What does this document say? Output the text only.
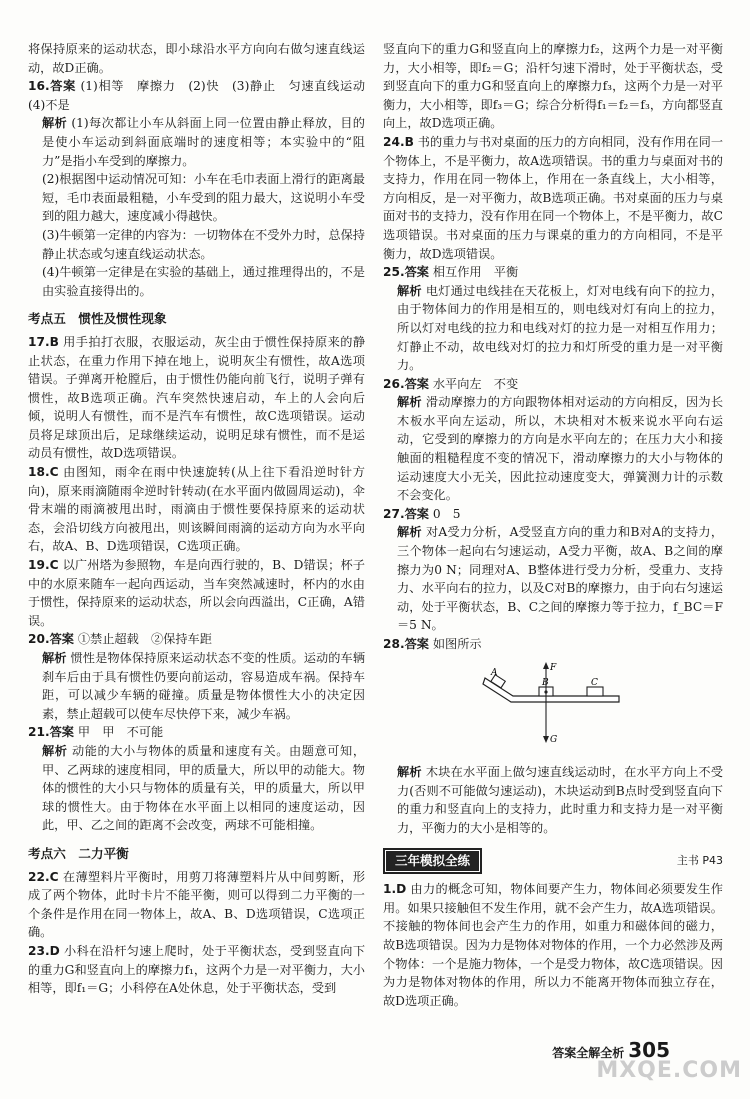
将保持原来的运动状态，即小球沿水平方向向右做匀速直线运动，故D正确。

16.答案 (1)相等　摩擦力　(2)快　(3)静止　匀速直线运动　(4)不是

解析 (1)每次都让小车从斜面上同一位置由静止释放，目的是使小车运动到斜面底端时的速度相等；本实验中的“阻力”是指小车受到的摩擦力。

(2)根据图中运动情况可知：小车在毛巾表面上滑行的距离最短，毛巾表面最粗糙，小车受到的阻力最大，这说明小车受到的阻力越大，速度减小得越快。

(3)牛顿第一定律的内容为：一切物体在不受外力时，总保持静止状态或匀速直线运动状态。

(4)牛顿第一定律是在实验的基础上，通过推理得出的，不是由实验直接得出的。

考点五　惯性及惯性现象

17.B 用手拍打衣服，衣服运动，灰尘由于惯性保持原来的静止状态，在重力作用下掉在地上，说明灰尘有惯性，故A选项错误。子弹离开枪膛后，由于惯性仍能向前飞行，说明子弹有惯性，故B选项正确。汽车突然快速启动，车上的人会向后倾，说明人有惯性，而不是汽车有惯性，故C选项错误。运动员将足球顶出后，足球继续运动，说明足球有惯性，而不是运动员有惯性，故D选项错误。

18.C 由图知，雨伞在雨中快速旋转(从上往下看沿逆时针方向)，原来雨滴随雨伞逆时针转动(在水平面内做圆周运动)，伞骨末端的雨滴被甩出时，雨滴由于惯性要保持原来的运动状态，会沿切线方向被甩出，则该瞬间雨滴的运动方向为水平向右，故A、B、D选项错误，C选项正确。

19.C 以广州塔为参照物，车是向西行驶的，B、D错误；杯子中的水原来随车一起向西运动，当车突然减速时，杯内的水由于惯性，保持原来的运动状态，所以会向西溢出，C正确，A错误。

20.答案 ①禁止超载　②保持车距

解析 惯性是物体保持原来运动状态不变的性质。运动的车辆刹车后由于具有惯性仍要向前运动，容易造成车祸。保持车距，可以减少车辆的碰撞。质量是物体惯性大小的决定因素，禁止超载可以使车尽快停下来，减少车祸。

21.答案 甲　甲　不可能

解析 动能的大小与物体的质量和速度有关。由题意可知，甲、乙两球的速度相同，甲的质量大，所以甲的动能大。物体的惯性的大小只与物体的质量有关，甲的质量大，所以甲球的惯性大。由于物体在水平面上以相同的速度运动，因此，甲、乙之间的距离不会改变，两球不可能相撞。

考点六　二力平衡

22.C 在薄塑料片平衡时，用剪刀将薄塑料片从中间剪断，形成了两个物体，此时卡片不能平衡，则可以得到二力平衡的一个条件是作用在同一物体上，故A、B、D选项错误，C选项正确。

23.D 小科在沿杆匀速上爬时，处于平衡状态，受到竖直向下的重力G和竖直向上的摩擦力f₁，这两个力是一对平衡力，大小相等，即f₁＝G；小科停在A处休息，处于平衡状态，受到

竖直向下的重力G和竖直向上的摩擦力f₂，这两个力是一对平衡力，大小相等，即f₂＝G；沿杆匀速下滑时，处于平衡状态，受到竖直向下的重力G和竖直向上的摩擦力f₃，这两个力是一对平衡力，大小相等，即f₃＝G；综合分析得f₁＝f₂＝f₃，方向都竖直向上，故D选项正确。

24.B 书的重力与书对桌面的压力的方向相同，没有作用在同一个物体上，不是平衡力，故A选项错误。书的重力与桌面对书的支持力，作用在同一物体上，作用在一条直线上，大小相等，方向相反，是一对平衡力，故B选项正确。书对桌面的压力与桌面对书的支持力，没有作用在同一个物体上，不是平衡力，故C选项错误。书对桌面的压力与课桌的重力的方向相同，不是平衡力，故D选项错误。

25.答案 相互作用　平衡

解析 电灯通过电线挂在天花板上，灯对电线有向下的拉力，由于物体间力的作用是相互的，则电线对灯有向上的拉力，所以灯对电线的拉力和电线对灯的拉力是一对相互作用力；灯静止不动，故电线对灯的拉力和灯所受的重力是一对平衡力。

26.答案 水平向左　不变

解析 滑动摩擦力的方向跟物体相对运动的方向相反，因为长木板水平向左运动，所以，木块相对木板来说水平向右运动，它受到的摩擦力的方向是水平向左的；在压力大小和接触面的粗糙程度不变的情况下，滑动摩擦力的大小与物体的运动速度大小无关，因此拉动速度变大，弹簧测力计的示数不会变化。

27.答案 0　5

解析 对A受力分析，A受竖直方向的重力和B对A的支持力，三个物体一起向右匀速运动，A受力平衡，故A、B之间的摩擦力为0 N；同理对A、B整体进行受力分析，受重力、支持力、水平向右的拉力，以及C对B的摩擦力，由于向右匀速运动，处于平衡状态，B、C之间的摩擦力等于拉力，f_BC＝F＝5 N。

28.答案 如图所示

A
B	C
F
G

解析 木块在水平面上做匀速直线运动时，在水平方向上不受力(否则不可能做匀速运动)，木块运动到B点时受到竖直向下的重力和竖直向上的支持力，此时重力和支持力是一对平衡力，平衡力的大小是相等的。

三年模拟全练	主书 P43

1.D 由力的概念可知，物体间要产生力，物体间必须要发生作用。如果只接触但不发生作用，就不会产生力，故A选项错误。不接触的物体间也会产生力的作用，如重力和磁体间的磁力，故B选项错误。因为力是物体对物体的作用，一个力必然涉及两个物体：一个是施力物体，一个是受力物体，故C选项错误。因为力是物体对物体的作用，所以力不能离开物体而独立存在，故D选项正确。

答案全解全析 305
MXQE.COM
